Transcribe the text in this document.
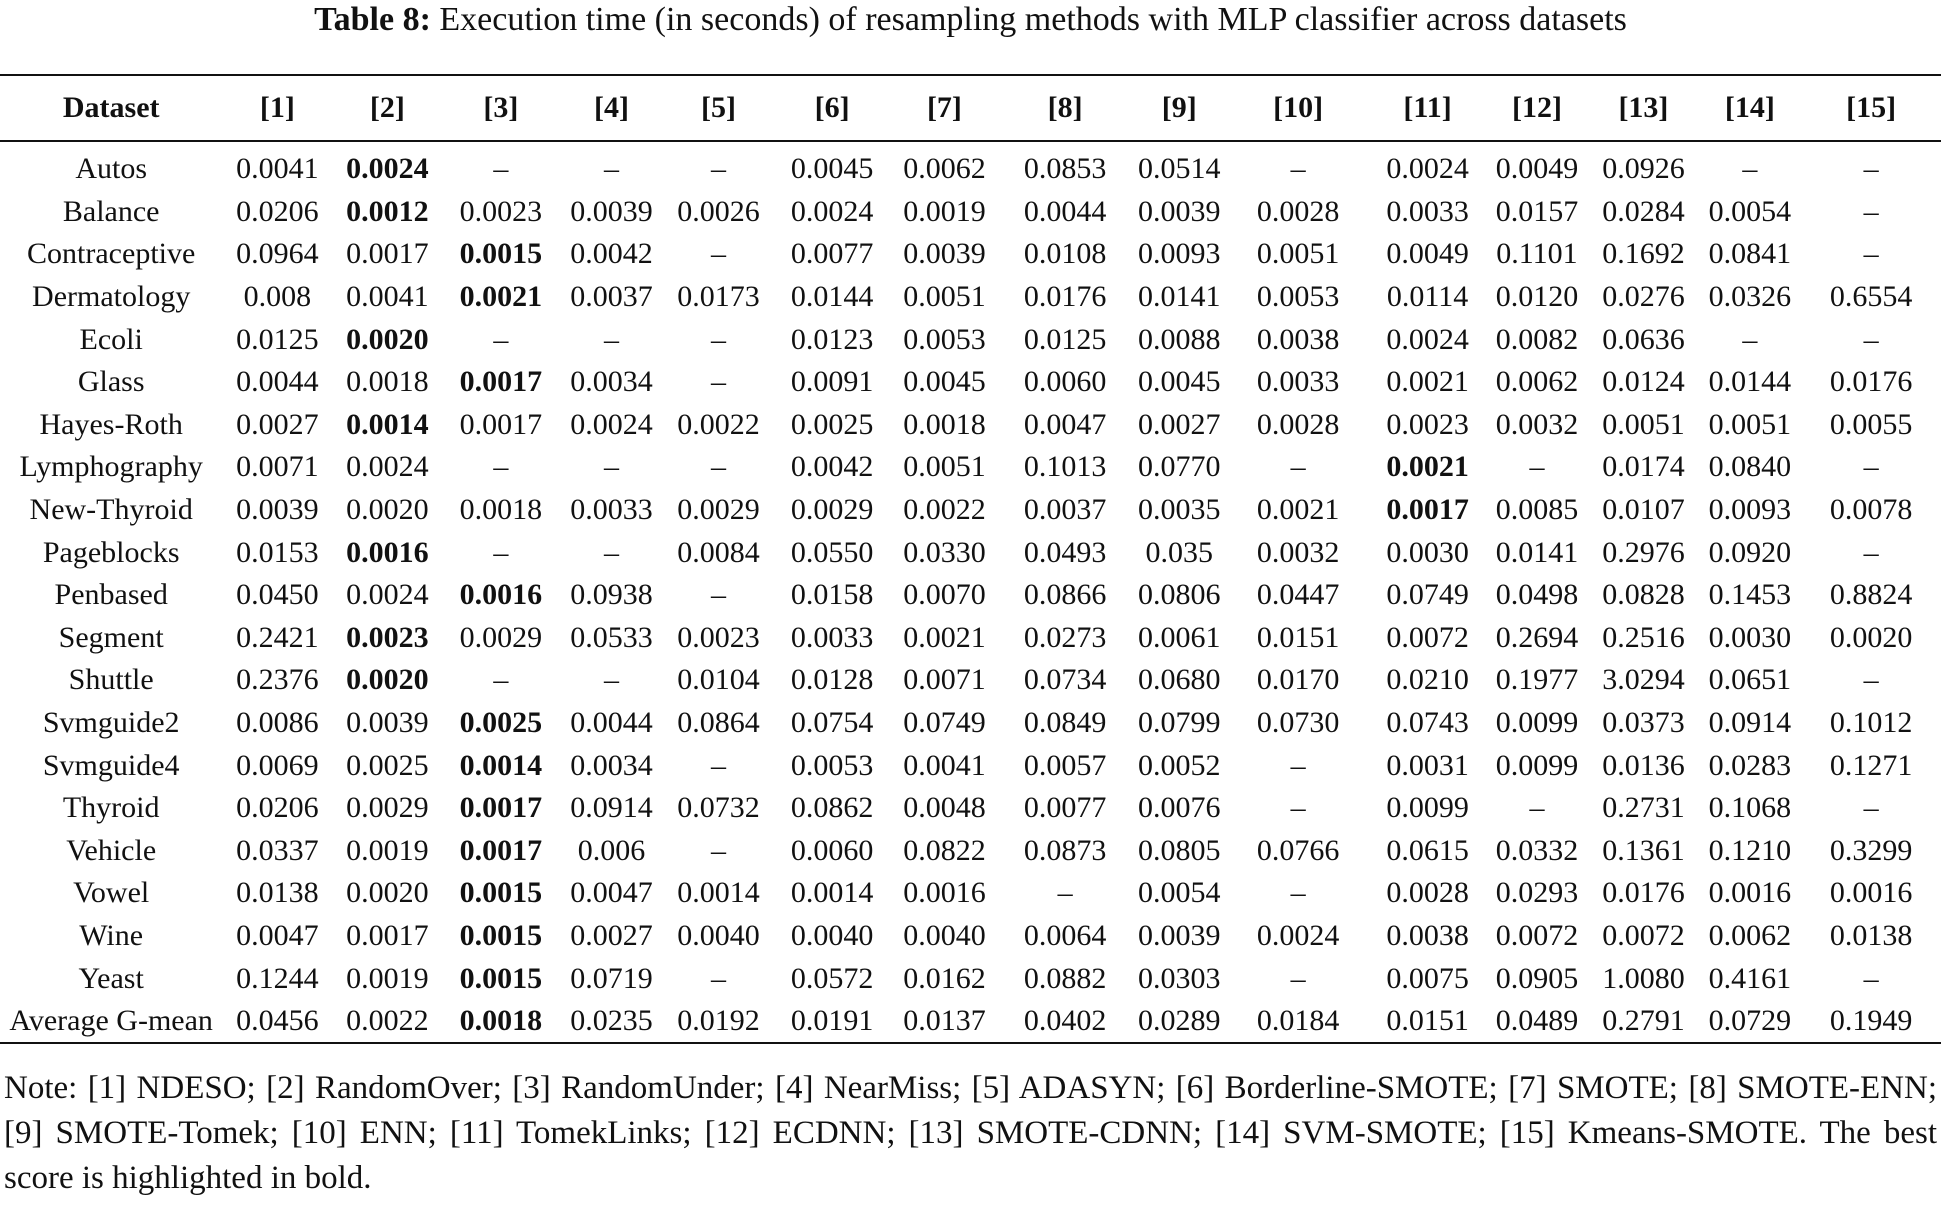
Table 8: Execution time (in seconds) of resampling methods with MLP classifier across datasets
Dataset	[1]	[2]	[3]	[4]	[5]	[6]	[7]	[8]	[9]	[10]	[11]	[12]	[13]	[14]	[15]
Autos	0.0041	0.0024	–	–	–	0.0045	0.0062	0.0853	0.0514	–	0.0024	0.0049	0.0926	–	–
Balance	0.0206	0.0012	0.0023	0.0039	0.0026	0.0024	0.0019	0.0044	0.0039	0.0028	0.0033	0.0157	0.0284	0.0054	–
Contraceptive	0.0964	0.0017	0.0015	0.0042	–	0.0077	0.0039	0.0108	0.0093	0.0051	0.0049	0.1101	0.1692	0.0841	–
Dermatology	0.008	0.0041	0.0021	0.0037	0.0173	0.0144	0.0051	0.0176	0.0141	0.0053	0.0114	0.0120	0.0276	0.0326	0.6554
Ecoli	0.0125	0.0020	–	–	–	0.0123	0.0053	0.0125	0.0088	0.0038	0.0024	0.0082	0.0636	–	–
Glass	0.0044	0.0018	0.0017	0.0034	–	0.0091	0.0045	0.0060	0.0045	0.0033	0.0021	0.0062	0.0124	0.0144	0.0176
Hayes-Roth	0.0027	0.0014	0.0017	0.0024	0.0022	0.0025	0.0018	0.0047	0.0027	0.0028	0.0023	0.0032	0.0051	0.0051	0.0055
Lymphography	0.0071	0.0024	–	–	–	0.0042	0.0051	0.1013	0.0770	–	0.0021	–	0.0174	0.0840	–
New-Thyroid	0.0039	0.0020	0.0018	0.0033	0.0029	0.0029	0.0022	0.0037	0.0035	0.0021	0.0017	0.0085	0.0107	0.0093	0.0078
Pageblocks	0.0153	0.0016	–	–	0.0084	0.0550	0.0330	0.0493	0.035	0.0032	0.0030	0.0141	0.2976	0.0920	–
Penbased	0.0450	0.0024	0.0016	0.0938	–	0.0158	0.0070	0.0866	0.0806	0.0447	0.0749	0.0498	0.0828	0.1453	0.8824
Segment	0.2421	0.0023	0.0029	0.0533	0.0023	0.0033	0.0021	0.0273	0.0061	0.0151	0.0072	0.2694	0.2516	0.0030	0.0020
Shuttle	0.2376	0.0020	–	–	0.0104	0.0128	0.0071	0.0734	0.0680	0.0170	0.0210	0.1977	3.0294	0.0651	–
Svmguide2	0.0086	0.0039	0.0025	0.0044	0.0864	0.0754	0.0749	0.0849	0.0799	0.0730	0.0743	0.0099	0.0373	0.0914	0.1012
Svmguide4	0.0069	0.0025	0.0014	0.0034	–	0.0053	0.0041	0.0057	0.0052	–	0.0031	0.0099	0.0136	0.0283	0.1271
Thyroid	0.0206	0.0029	0.0017	0.0914	0.0732	0.0862	0.0048	0.0077	0.0076	–	0.0099	–	0.2731	0.1068	–
Vehicle	0.0337	0.0019	0.0017	0.006	–	0.0060	0.0822	0.0873	0.0805	0.0766	0.0615	0.0332	0.1361	0.1210	0.3299
Vowel	0.0138	0.0020	0.0015	0.0047	0.0014	0.0014	0.0016	–	0.0054	–	0.0028	0.0293	0.0176	0.0016	0.0016
Wine	0.0047	0.0017	0.0015	0.0027	0.0040	0.0040	0.0040	0.0064	0.0039	0.0024	0.0038	0.0072	0.0072	0.0062	0.0138
Yeast	0.1244	0.0019	0.0015	0.0719	–	0.0572	0.0162	0.0882	0.0303	–	0.0075	0.0905	1.0080	0.4161	–
Average G-mean	0.0456	0.0022	0.0018	0.0235	0.0192	0.0191	0.0137	0.0402	0.0289	0.0184	0.0151	0.0489	0.2791	0.0729	0.1949
Note: [1] NDESO; [2] RandomOver; [3] RandomUnder; [4] NearMiss; [5] ADASYN; [6] Borderline-SMOTE; [7] SMOTE; [8] SMOTE-ENN; [9] SMOTE-Tomek; [10] ENN; [11] TomekLinks; [12] ECDNN; [13] SMOTE-CDNN; [14] SVM-SMOTE; [15] Kmeans-SMOTE. The best score is highlighted in bold.
